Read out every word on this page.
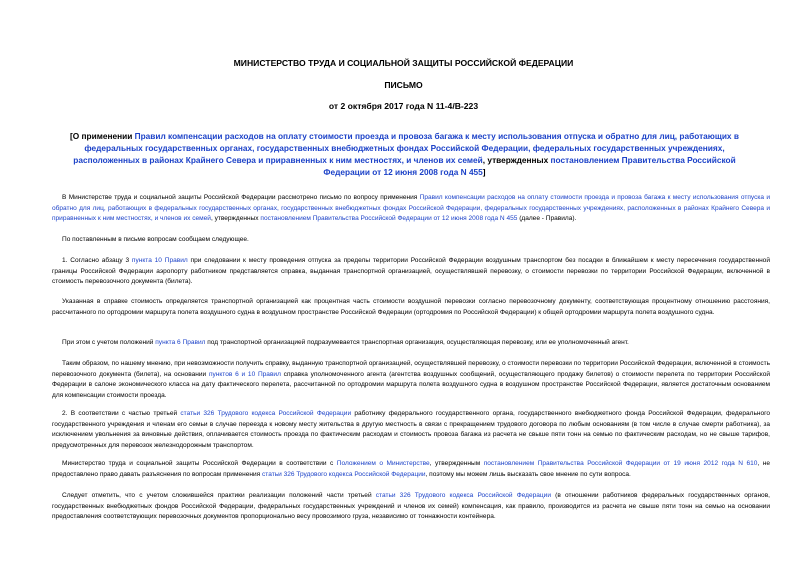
МИНИСТЕРСТВО ТРУДА И СОЦИАЛЬНОЙ ЗАЩИТЫ РОССИЙСКОЙ ФЕДЕРАЦИИ
ПИСЬМО
от 2 октября 2017 года N 11-4/В-223
[О применении Правил компенсации расходов на оплату стоимости проезда и провоза багажа к месту использования отпуска и обратно для лиц, работающих в федеральных государственных органах, государственных внебюджетных фондах Российской Федерации, федеральных государственных учреждениях, расположенных в районах Крайнего Севера и приравненных к ним местностях, и членов их семей, утвержденных постановлением Правительства Российской Федерации от 12 июня 2008 года N 455]

В Министерстве труда и социальной защиты Российской Федерации рассмотрено письмо по вопросу применения Правил компенсации расходов на оплату стоимости проезда и провоза багажа к месту использования отпуска и обратно для лиц, работающих в федеральных государственных органах, государственных внебюджетных фондах Российской Федерации, федеральных государственных учреждениях, расположенных в районах Крайнего Севера и приравненных к ним местностях, и членов их семей, утвержденных постановлением Правительства Российской Федерации от 12 июня 2008 года N 455 (далее - Правила).

По поставленным в письме вопросам сообщаем следующее.

1. Согласно абзацу 3 пункта 10 Правил при следовании к месту проведения отпуска за пределы территории Российской Федерации воздушным транспортом без посадки в ближайшем к месту пересечения государственной границы Российской Федерации аэропорту работником представляется справка, выданная транспортной организацией, осуществлявшей перевозку, о стоимости перевозки по территории Российской Федерации, включенной в стоимость перевозочного документа (билета).

Указанная в справке стоимость определяется транспортной организацией как процентная часть стоимости воздушной перевозки согласно перевозочному документу, соответствующая процентному отношению расстояния, рассчитанного по ортодромии маршрута полета воздушного судна в воздушном пространстве Российской Федерации (ортодромия по Российской Федерации) к общей ортодромии маршрута полета воздушного судна.

При этом с учетом положений пункта 6 Правил под транспортной организацией подразумевается транспортная организация, осуществляющая перевозку, или ее уполномоченный агент.

Таким образом, по нашему мнению, при невозможности получить справку, выданную транспортной организацией, осуществлявшей перевозку, о стоимости перевозки по территории Российской Федерации, включенной в стоимость перевозочного документа (билета), на основании пунктов 6 и 10 Правил справка уполномоченного агента (агентства воздушных сообщений, осуществляющего продажу билетов) о стоимости перелета по территории Российской Федерации в салоне экономического класса на дату фактического перелета, рассчитанной по ортодромии маршрута полета воздушного судна в воздушном пространстве Российской Федерации, является достаточным основанием для компенсации стоимости проезда.

2. В соответствии с частью третьей статьи 326 Трудового кодекса Российской Федерации работнику федерального государственного органа, государственного внебюджетного фонда Российской Федерации, федерального государственного учреждения и членам его семьи в случае переезда к новому месту жительства в другую местность в связи с прекращением трудового договора по любым основаниям (в том числе в случае смерти работника), за исключением увольнения за виновные действия, оплачивается стоимость проезда по фактическим расходам и стоимость провоза багажа из расчета не свыше пяти тонн на семью по фактическим расходам, но не свыше тарифов, предусмотренных для перевозок железнодорожным транспортом.

Министерство труда и социальной защиты Российской Федерации в соответствии с Положением о Министерстве, утвержденным постановлением Правительства Российской Федерации от 19 июня 2012 года N 610, не предоставлено право давать разъяснения по вопросам применения статьи 326 Трудового кодекса Российской Федерации, поэтому мы можем лишь высказать свое мнение по сути вопроса.

Следует отметить, что с учетом сложившейся практики реализации положений части третьей статьи 326 Трудового кодекса Российской Федерации (в отношении работников федеральных государственных органов, государственных внебюджетных фондов Российской Федерации, федеральных государственных учреждений и членов их семей) компенсация, как правило, производится из расчета не свыше пяти тонн на семью на основании предоставления соответствующих перевозочных документов пропорционально весу провозимого груза, независимо от тоннажности контейнера.
